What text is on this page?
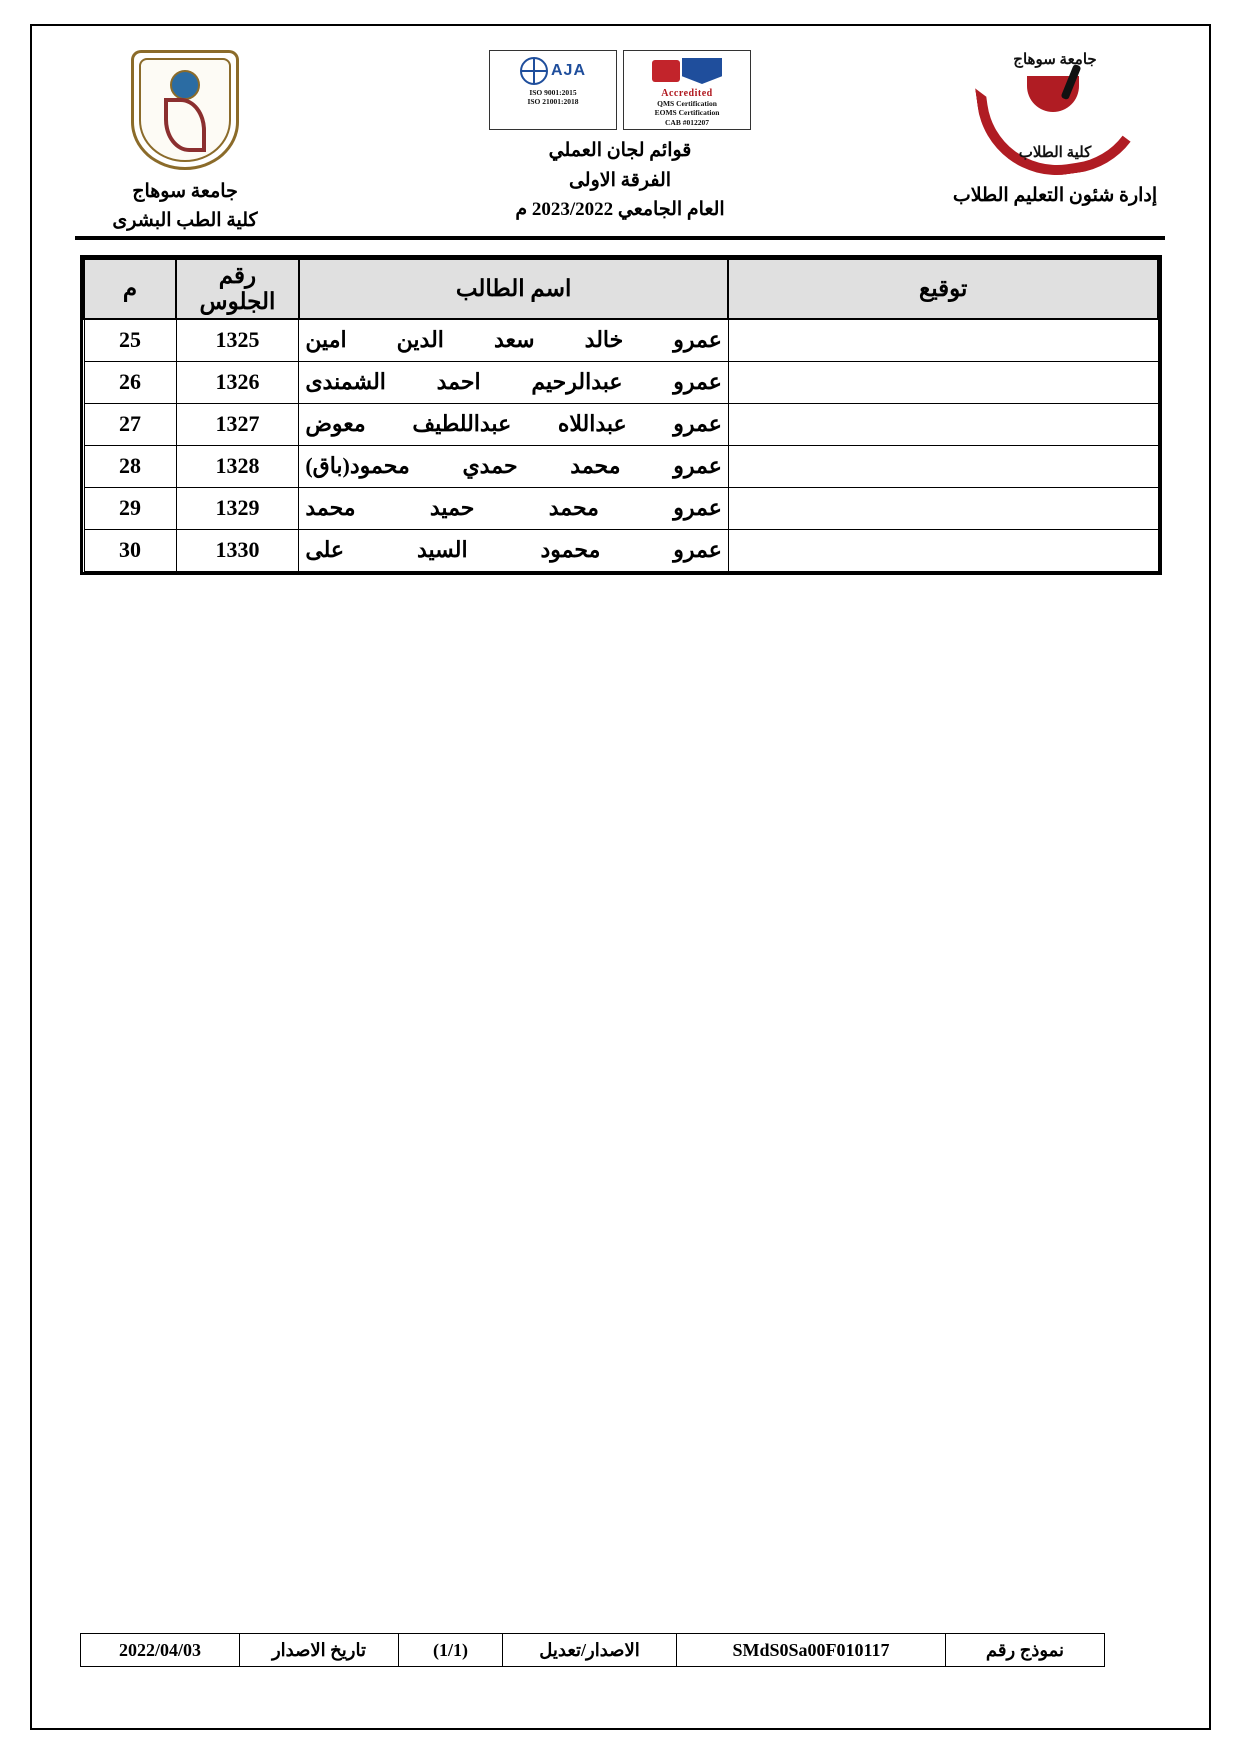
جامعة سوهاج
كلية الطلاب
إدارة شئون التعليم الطلاب
Accredited
QMS Certification
EOMS Certification
CAB #012207
AJA
ISO 9001:2015
ISO 21001:2018
قوائم لجان العملي
الفرقة الاولى
العام الجامعي 2023/2022 م
جامعة سوهاج
كلية الطب البشرى
توقيع	اسم الطالب	رقم الجلوس	م
	عمرو خالد سعد الدين امين	1325	25
	عمرو عبدالرحيم احمد الشمندى	1326	26
	عمرو عبداللاه عبداللطيف معوض	1327	27
	عمرو محمد حمدي محمود(باق)	1328	28
	عمرو محمد حميد محمد	1329	29
	عمرو محمود السيد على	1330	30
نموذج رقم	SMdS0Sa00F010117	الاصدار/تعديل	(1/1)	تاريخ الاصدار	2022/04/03
